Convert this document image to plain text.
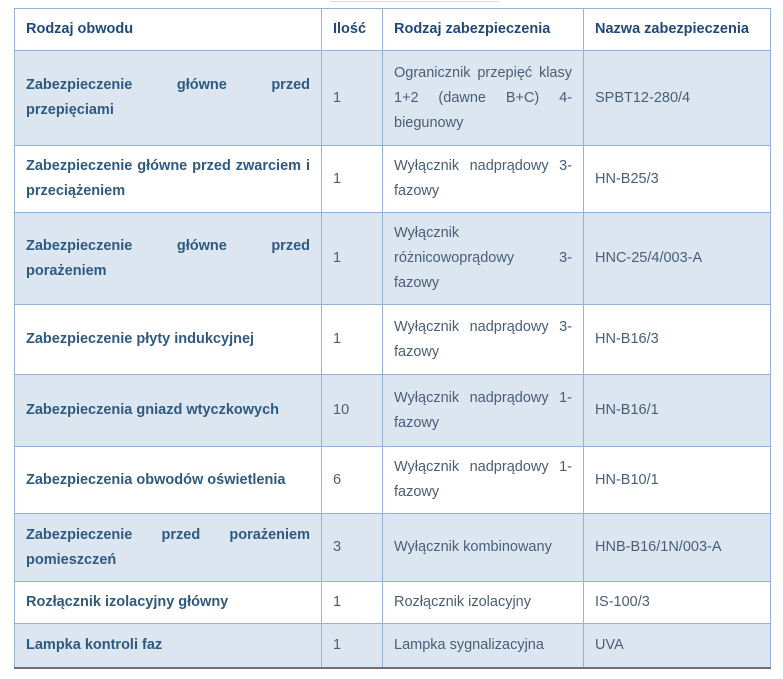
Rodzaj obwodu	Ilość	Rodzaj zabezpieczenia	Nazwa zabezpieczenia
Zabezpieczenie główne przed przepięciami	1	Ogranicznik przepięć klasy 1+2 (dawne B+C) 4-biegunowy	SPBT12-280/4
Zabezpieczenie główne przed zwarciem i przeciążeniem	1	Wyłącznik nadprądowy 3-fazowy	HN-B25/3
Zabezpieczenie główne przed porażeniem	1	Wyłącznik różnicowoprądowy 3-fazowy	HNC-25/4/003-A
Zabezpieczenie płyty indukcyjnej	1	Wyłącznik nadprądowy 3-fazowy	HN-B16/3
Zabezpieczenia gniazd wtyczkowych	10	Wyłącznik nadprądowy 1-fazowy	HN-B16/1
Zabezpieczenia obwodów oświetlenia	6	Wyłącznik nadprądowy 1-fazowy	HN-B10/1
Zabezpieczenie przed porażeniem pomieszczeń	3	Wyłącznik kombinowany	HNB-B16/1N/003-A
Rozłącznik izolacyjny główny	1	Rozłącznik izolacyjny	IS-100/3
Lampka kontroli faz	1	Lampka sygnalizacyjna	UVA
